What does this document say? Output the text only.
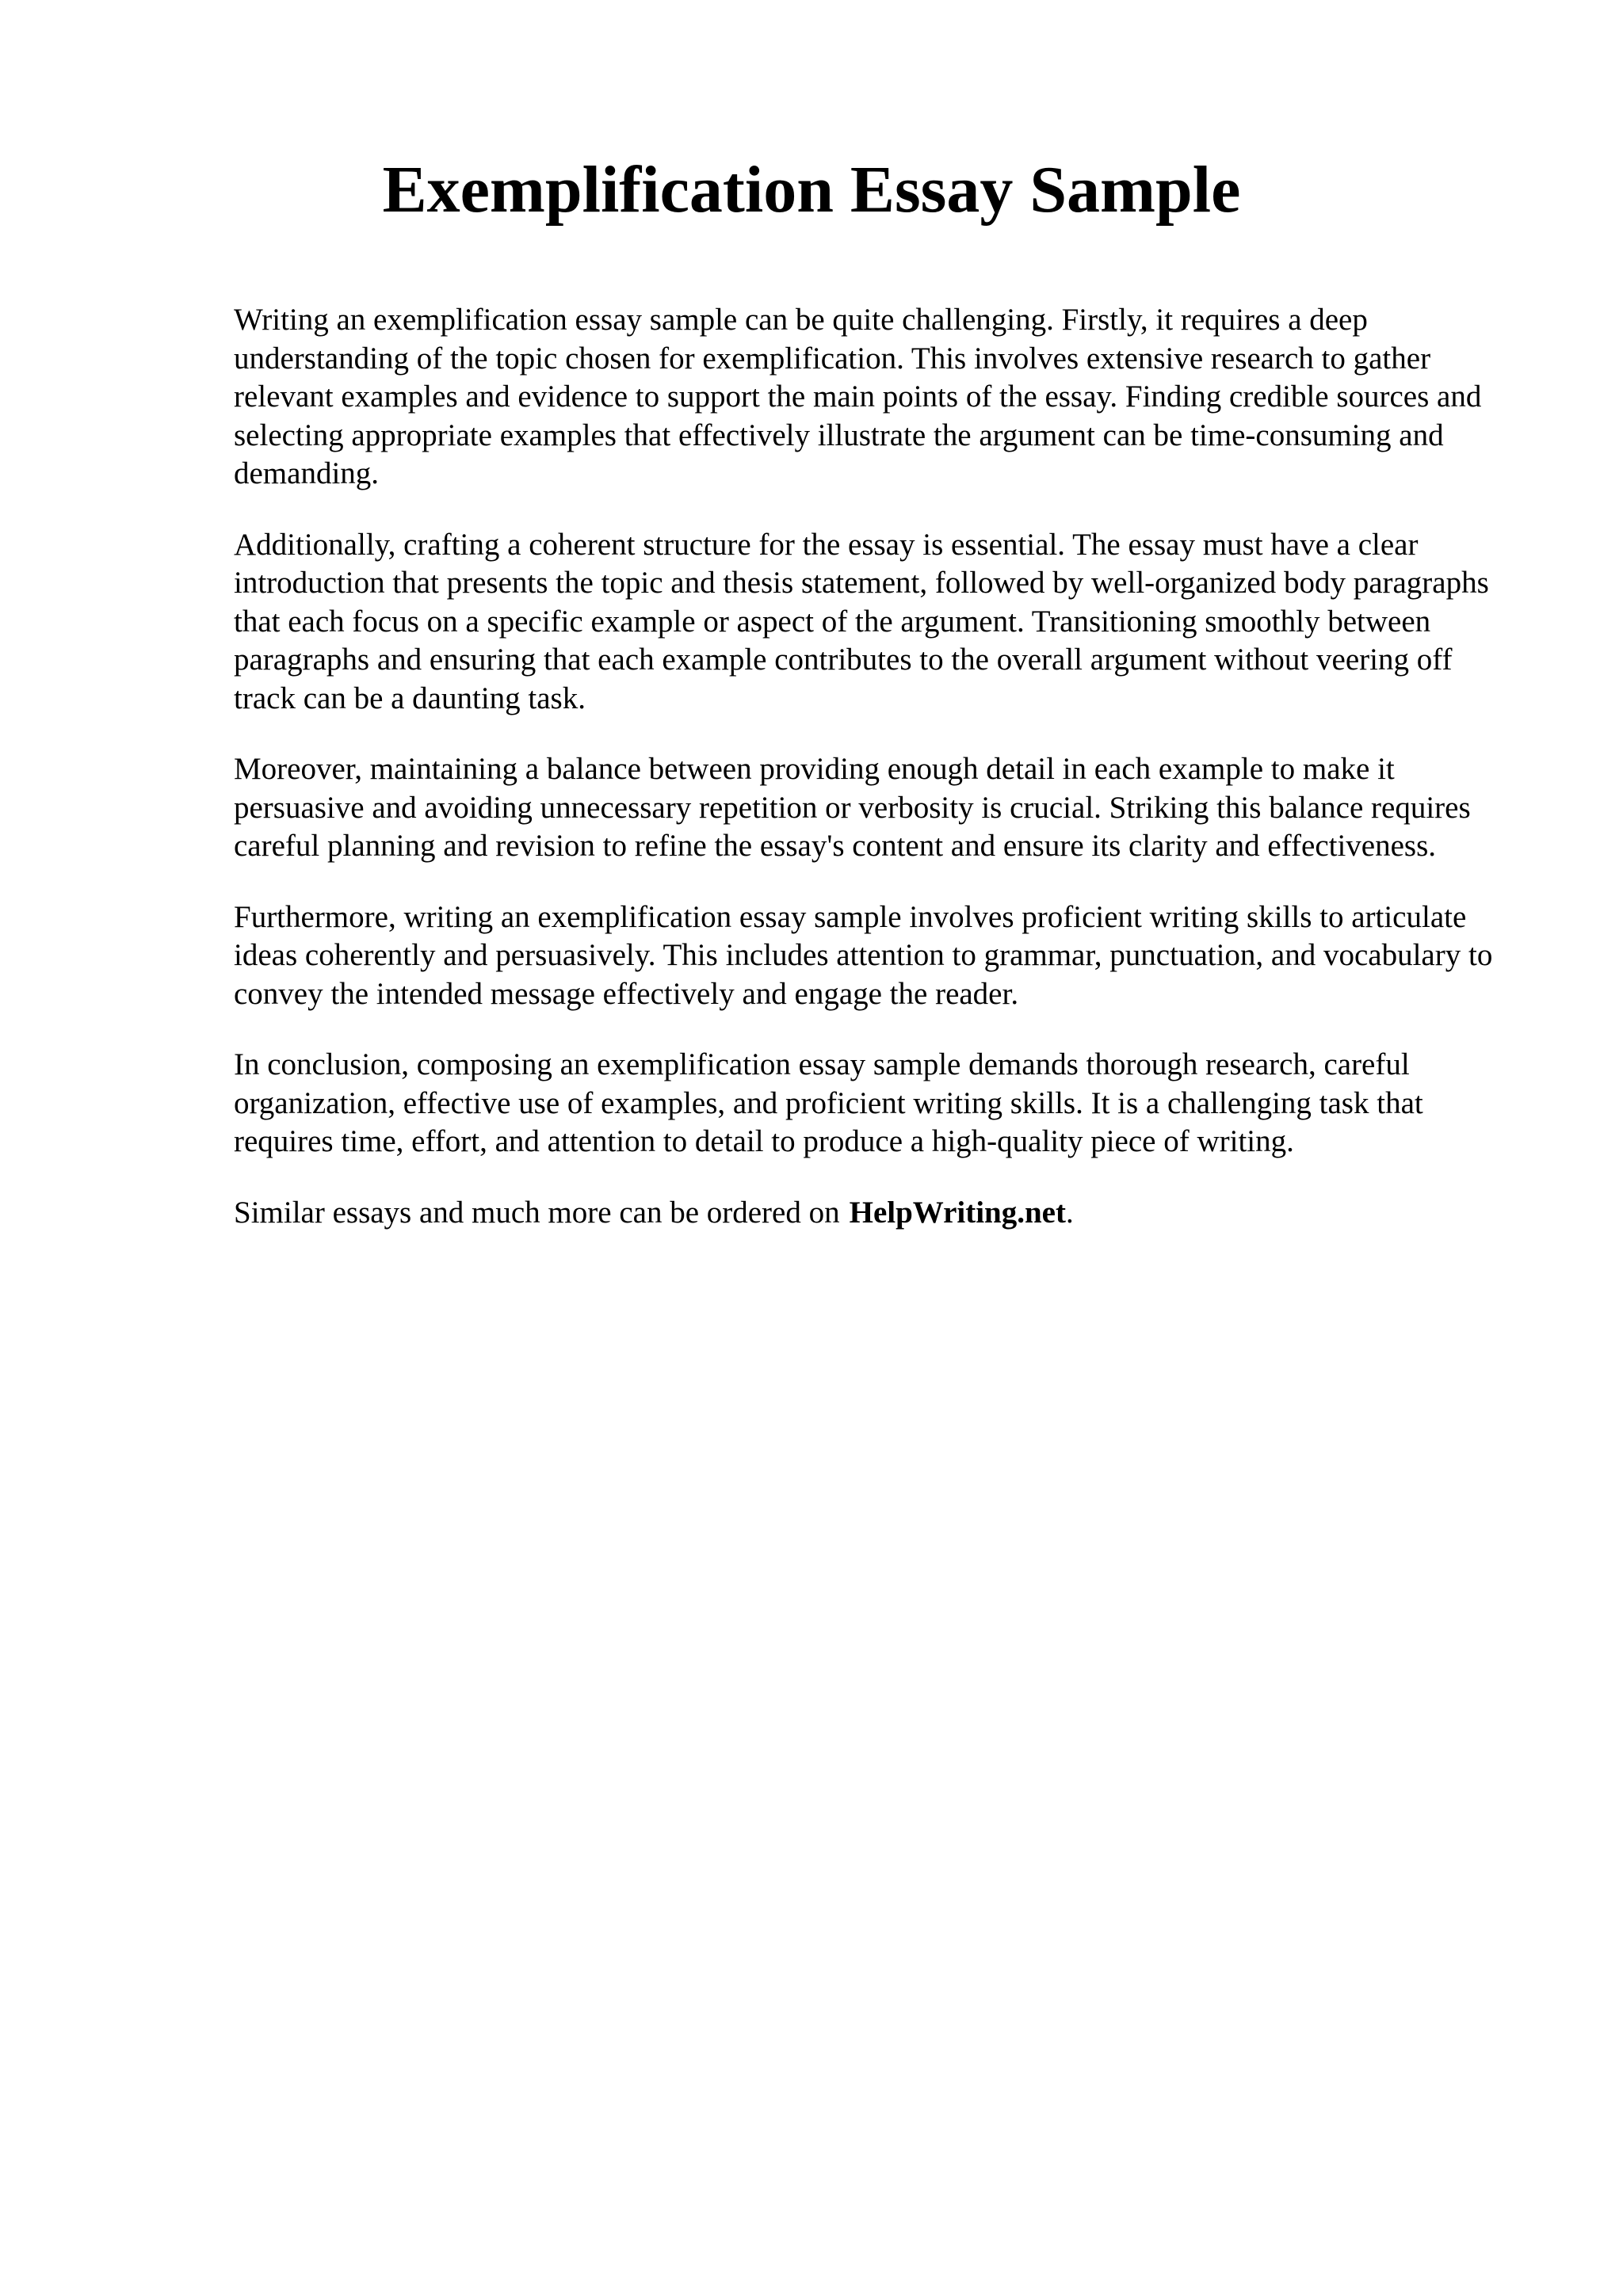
Exemplification Essay Sample

Writing an exemplification essay sample can be quite challenging. Firstly, it requires a deep understanding of the topic chosen for exemplification. This involves extensive research to gather relevant examples and evidence to support the main points of the essay. Finding credible sources and selecting appropriate examples that effectively illustrate the argument can be time-consuming and demanding.

Additionally, crafting a coherent structure for the essay is essential. The essay must have a clear introduction that presents the topic and thesis statement, followed by well-organized body paragraphs that each focus on a specific example or aspect of the argument. Transitioning smoothly between paragraphs and ensuring that each example contributes to the overall argument without veering off track can be a daunting task.

Moreover, maintaining a balance between providing enough detail in each example to make it persuasive and avoiding unnecessary repetition or verbosity is crucial. Striking this balance requires careful planning and revision to refine the essay's content and ensure its clarity and effectiveness.

Furthermore, writing an exemplification essay sample involves proficient writing skills to articulate ideas coherently and persuasively. This includes attention to grammar, punctuation, and vocabulary to convey the intended message effectively and engage the reader.

In conclusion, composing an exemplification essay sample demands thorough research, careful organization, effective use of examples, and proficient writing skills. It is a challenging task that requires time, effort, and attention to detail to produce a high-quality piece of writing.

Similar essays and much more can be ordered on HelpWriting.net.
